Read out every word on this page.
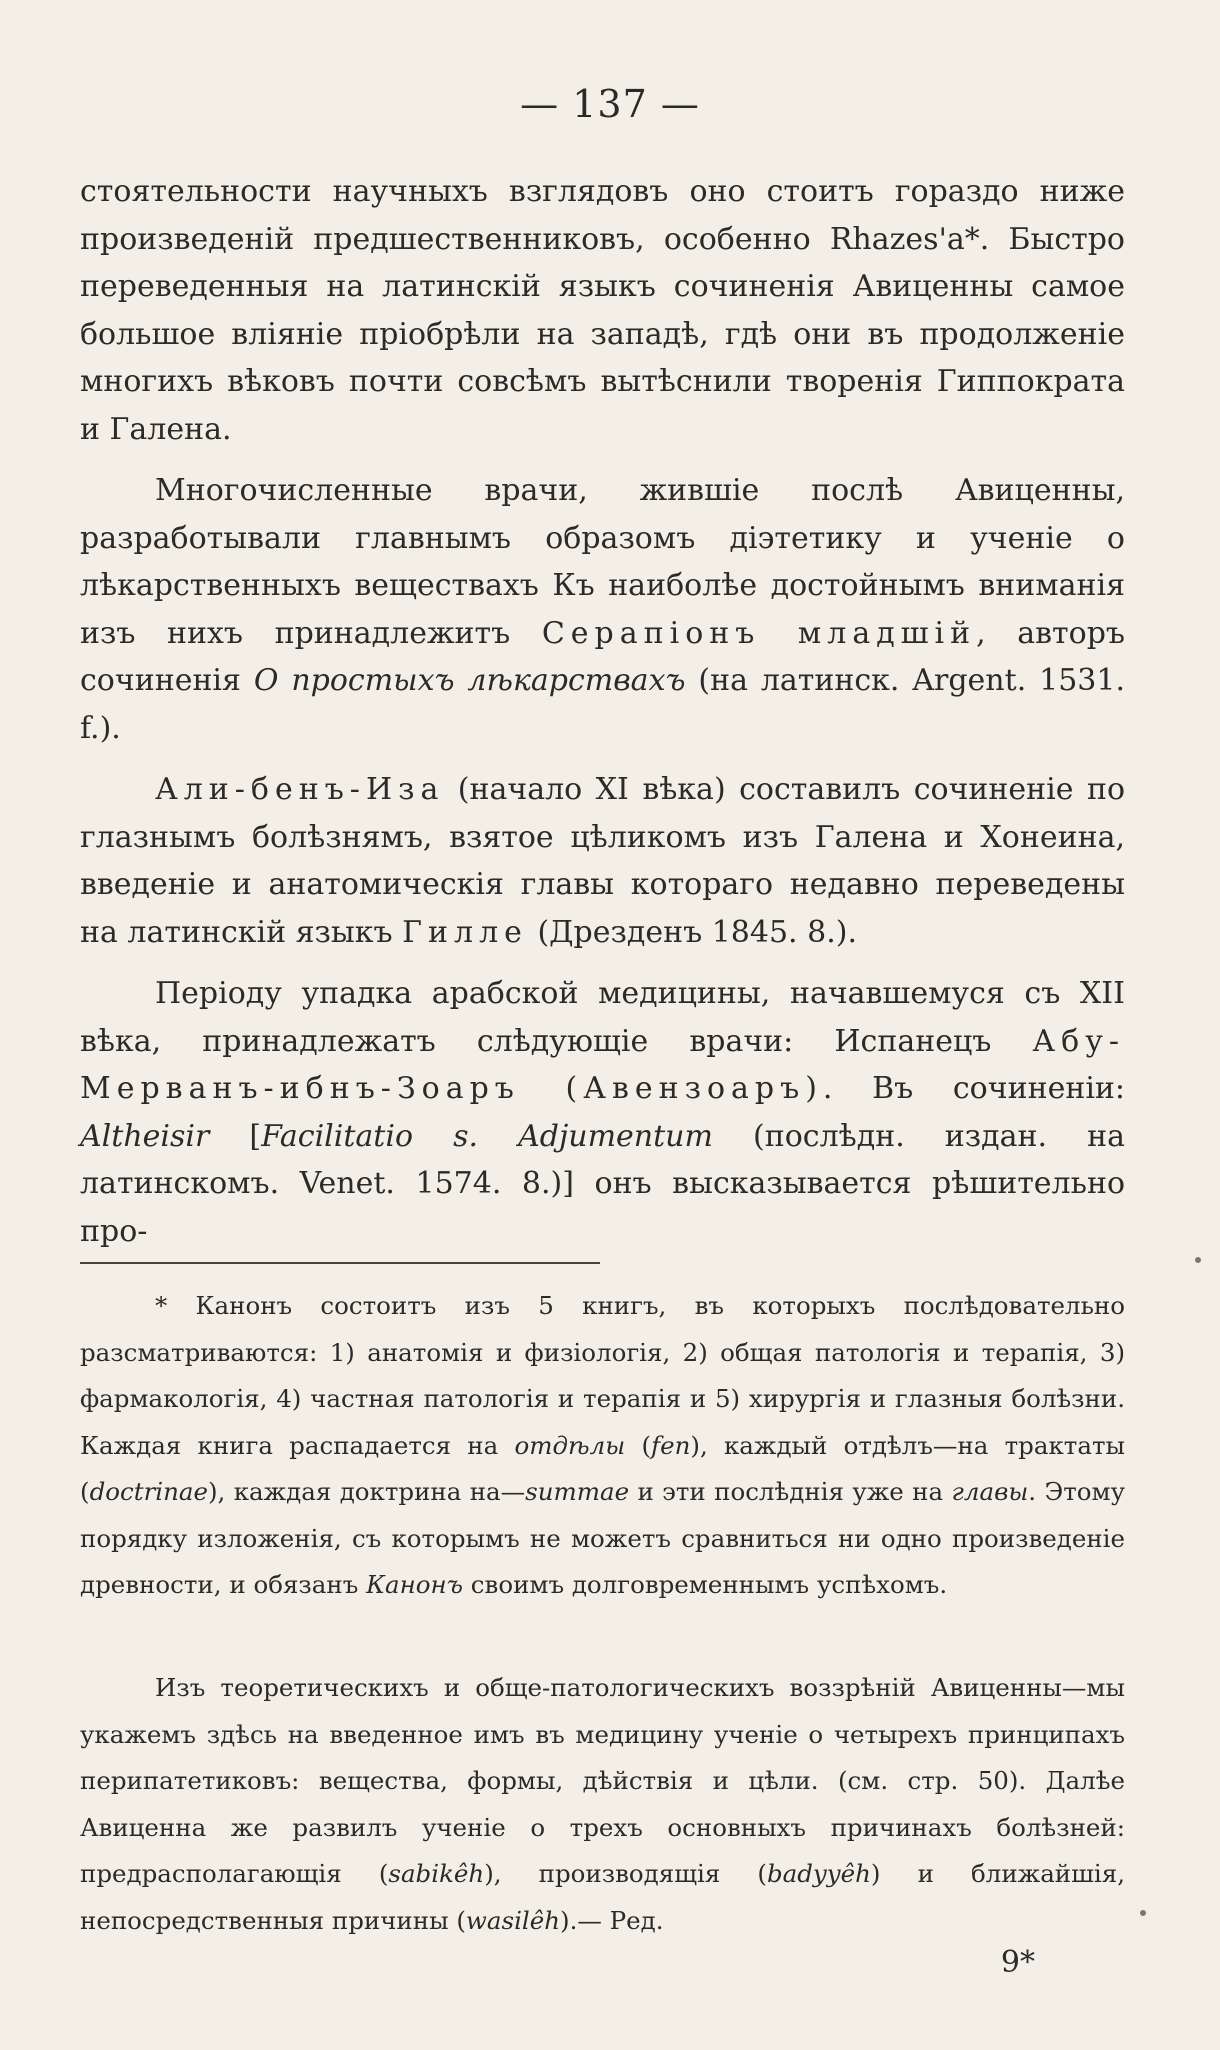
— 137 —

стоятельности научныхъ взглядовъ оно стоитъ гораздо ниже произведеній предшественниковъ, особенно Rhazes'a*. Быстро переведенныя на латинскій языкъ сочиненія Авиценны самое большое вліяніе пріобрѣли на западѣ, гдѣ они въ продолженіе многихъ вѣковъ почти совсѣмъ вытѣснили творенія Гиппократа и Галена.

Многочисленные врачи, жившіе послѣ Авиценны, разработывали главнымъ образомъ діэтетику и ученіе о лѣкарственныхъ веществахъ Къ наиболѣе достойнымъ вниманія изъ нихъ принадлежитъ Серапіонъ младшій, авторъ сочиненія О простыхъ лѣкарствахъ (на латинск. Argent. 1531. f.).

Али-бенъ-Иза (начало XI вѣка) составилъ сочиненіе по глазнымъ болѣзнямъ, взятое цѣликомъ изъ Галена и Хонеина, введеніе и анатомическія главы котораго недавно переведены на латинскій языкъ Гилле (Дрезденъ 1845. 8.).

Періоду упадка арабской медицины, начавшемуся съ XII вѣка, принадлежатъ слѣдующіе врачи: Испанецъ Абу-Мерванъ-ибнъ-Зоаръ (Авензоаръ). Въ сочиненіи: Altheisir [Facilitatio s. Adjumentum (послѣдн. издан. на латинскомъ. Venet. 1574. 8.)] онъ высказывается рѣшительно про-

* Канонъ состоитъ изъ 5 книгъ, въ которыхъ послѣдовательно разсматриваются: 1) анатомія и физіологія, 2) общая патологія и терапія, 3) фармакологія, 4) частная патологія и терапія и 5) хирургія и глазныя болѣзни. Каждая книга распадается на отдѣлы (fen), каждый отдѣлъ—на трактаты (doctrinae), каждая доктрина на—summae и эти послѣднія уже на главы. Этому порядку изложенія, съ которымъ не можетъ сравниться ни одно произведеніе древности, и обязанъ Канонъ своимъ долговременнымъ успѣхомъ.

Изъ теоретическихъ и обще-патологическихъ воззрѣній Авиценны—мы укажемъ здѣсь на введенное имъ въ медицину ученіе о четырехъ принципахъ перипатетиковъ: вещества, формы, дѣйствія и цѣли. (см. стр. 50). Далѣе Авиценна же развилъ ученіе о трехъ основныхъ причинахъ болѣзней: предрасполагающія (sabikêh), производящія (badyyêh) и ближайшія, непосредственныя причины (wasilêh).— Ред.

9*
